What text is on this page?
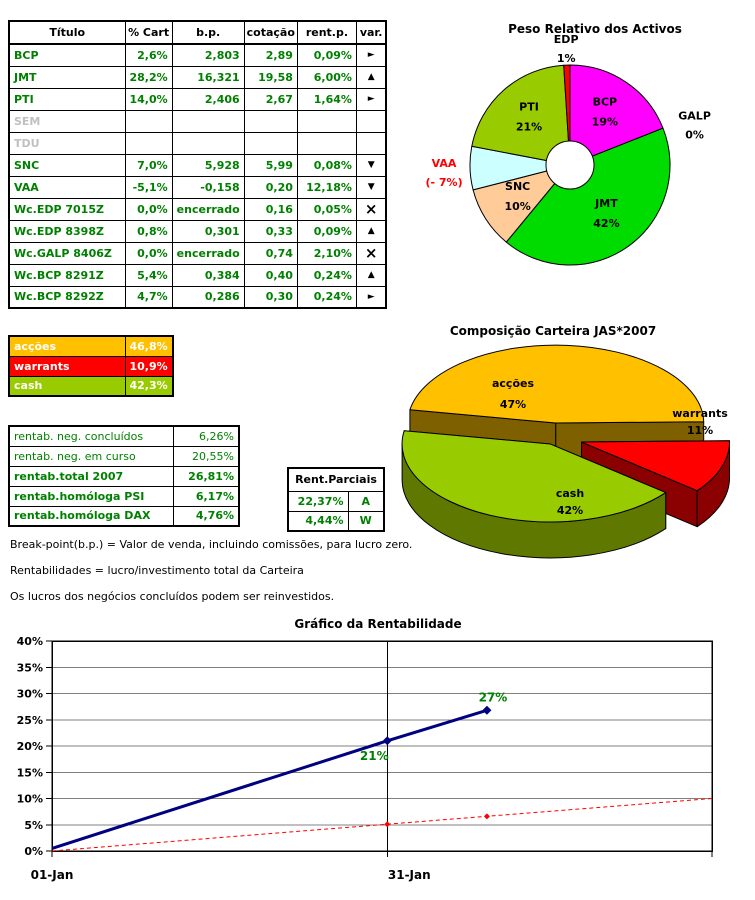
Título	% Cart	b.p.	cotação	rent.p.	var.
BCP	2,6%	2,803	2,89	0,09%	►
JMT	28,2%	16,321	19,58	6,00%	▲
PTI	14,0%	2,406	2,67	1,64%	►
SEM					
TDU					
SNC	7,0%	5,928	5,99	0,08%	▼
VAA	-5,1%	-0,158	0,20	12,18%	▼
Wc.EDP 7015Z	0,0%	encerrado	0,16	0,05%	×
Wc.EDP 8398Z	0,8%	0,301	0,33	0,09%	▲
Wc.GALP 8406Z	0,0%	encerrado	0,74	2,10%	×
Wc.BCP 8291Z	5,4%	0,384	0,40	0,24%	▲
Wc.BCP 8292Z	4,7%	0,286	0,30	0,24%	►
acções	46,8%
warrants	10,9%
cash	42,3%
rentab. neg. concluídos	6,26%
rentab. neg. em curso	20,55%
rentab.total 2007	26,81%
rentab.homóloga PSI	6,17%
rentab.homóloga DAX	4,76%
Rent.Parciais	
22,37%	A
4,44%	W
Break-point(b.p.) = Valor de venda, incluindo comissões, para lucro zero.
Rentabilidades = lucro/investimento total da Carteira
Os lucros dos negócios concluídos podem ser reinvestidos.
Peso Relativo dos Activos
BCP
19%	GALP
0%
JMT
42%
SNC
10%
VAA
(- 7%)
PTI
21%
EDP
1%
Composição Carteira JAS*2007
warrants
11%
cash
42%
acções
47%
Gráfico da Rentabilidade
0%
5%
10%
15%
20%
25%
30%
35%
40%
01-Jan	31-Jan
21%
27%
